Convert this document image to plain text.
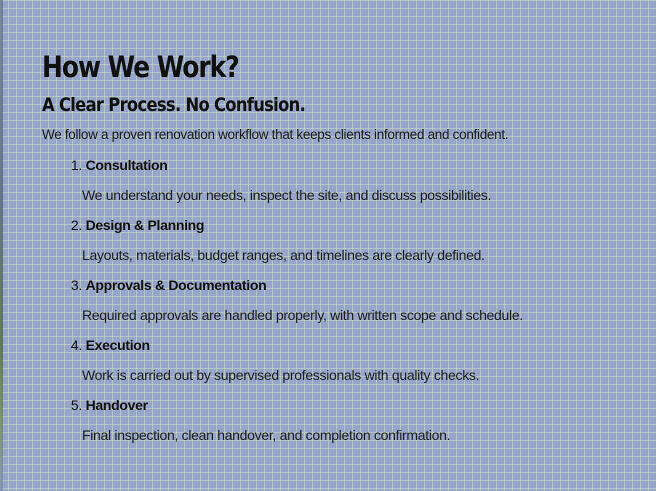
How We Work?
A Clear Process. No Confusion.

We follow a proven renovation workflow that keeps clients informed and confident.

1. Consultation
We understand your needs, inspect the site, and discuss possibilities.
2. Design & Planning
Layouts, materials, budget ranges, and timelines are clearly defined.
3. Approvals & Documentation
Required approvals are handled properly, with written scope and schedule.
4. Execution
Work is carried out by supervised professionals with quality checks.
5. Handover
Final inspection, clean handover, and completion confirmation.
